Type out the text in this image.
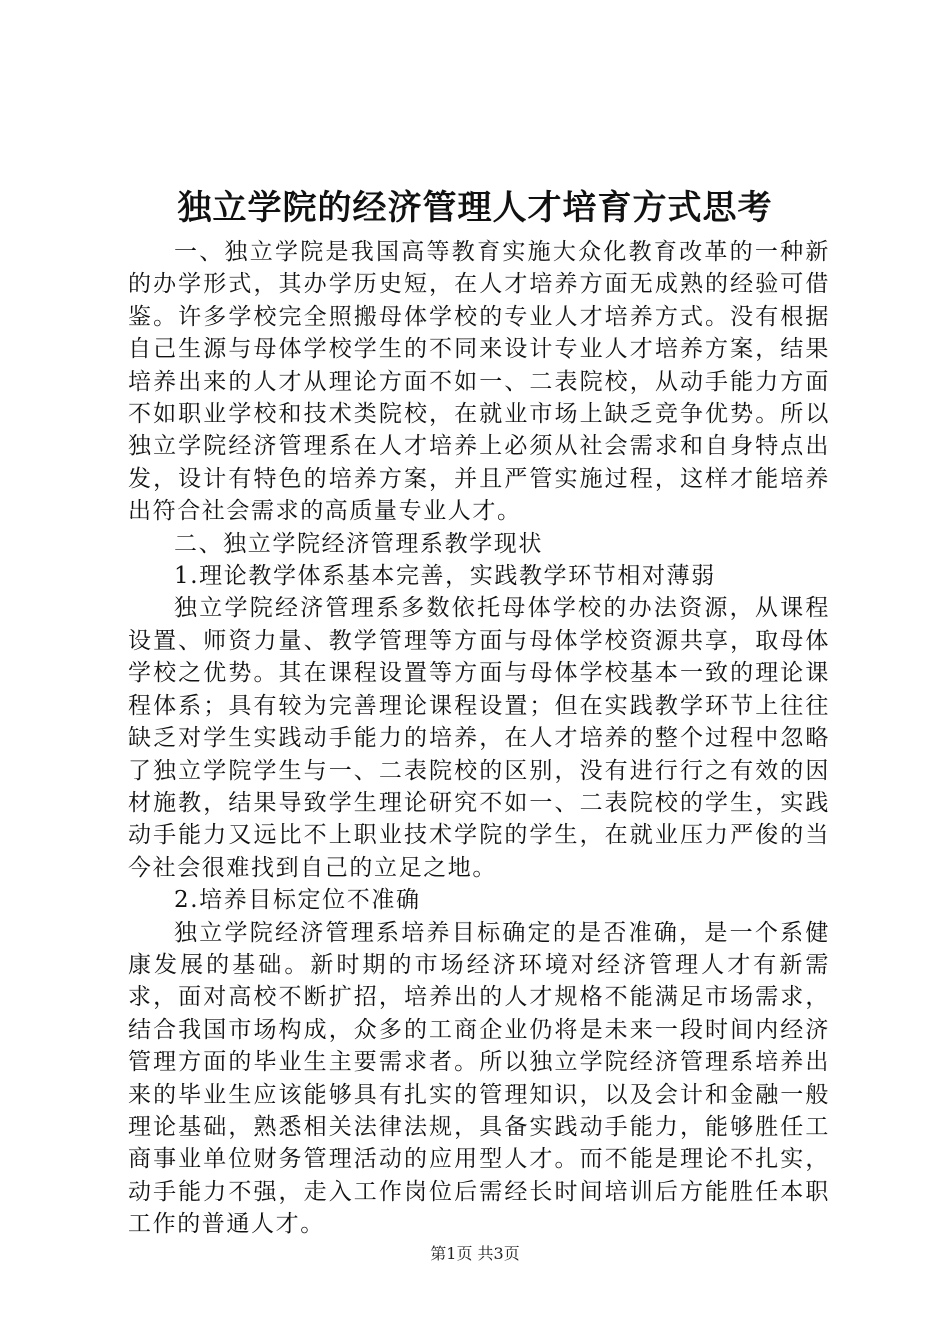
独立学院的经济管理人才培育方式思考

一、独立学院是我国高等教育实施大众化教育改革的一种新的办学形式，其办学历史短，在人才培养方面无成熟的经验可借鉴。许多学校完全照搬母体学校的专业人才培养方式。没有根据自己生源与母体学校学生的不同来设计专业人才培养方案，结果培养出来的人才从理论方面不如一、二表院校，从动手能力方面不如职业学校和技术类院校，在就业市场上缺乏竞争优势。所以独立学院经济管理系在人才培养上必须从社会需求和自身特点出发，设计有特色的培养方案，并且严管实施过程，这样才能培养出符合社会需求的高质量专业人才。

二、独立学院经济管理系教学现状

1.理论教学体系基本完善，实践教学环节相对薄弱

独立学院经济管理系多数依托母体学校的办法资源，从课程设置、师资力量、教学管理等方面与母体学校资源共享，取母体学校之优势。其在课程设置等方面与母体学校基本一致的理论课程体系；具有较为完善理论课程设置；但在实践教学环节上往往缺乏对学生实践动手能力的培养，在人才培养的整个过程中忽略了独立学院学生与一、二表院校的区别，没有进行行之有效的因材施教，结果导致学生理论研究不如一、二表院校的学生，实践动手能力又远比不上职业技术学院的学生，在就业压力严俊的当今社会很难找到自己的立足之地。

2.培养目标定位不准确

独立学院经济管理系培养目标确定的是否准确，是一个系健康发展的基础。新时期的市场经济环境对经济管理人才有新需求，面对高校不断扩招，培养出的人才规格不能满足市场需求，结合我国市场构成，众多的工商企业仍将是未来一段时间内经济管理方面的毕业生主要需求者。所以独立学院经济管理系培养出来的毕业生应该能够具有扎实的管理知识，以及会计和金融一般理论基础，熟悉相关法律法规，具备实践动手能力，能够胜任工商事业单位财务管理活动的应用型人才。而不能是理论不扎实，动手能力不强，走入工作岗位后需经长时间培训后方能胜任本职工作的普通人才。

第1页 共3页
